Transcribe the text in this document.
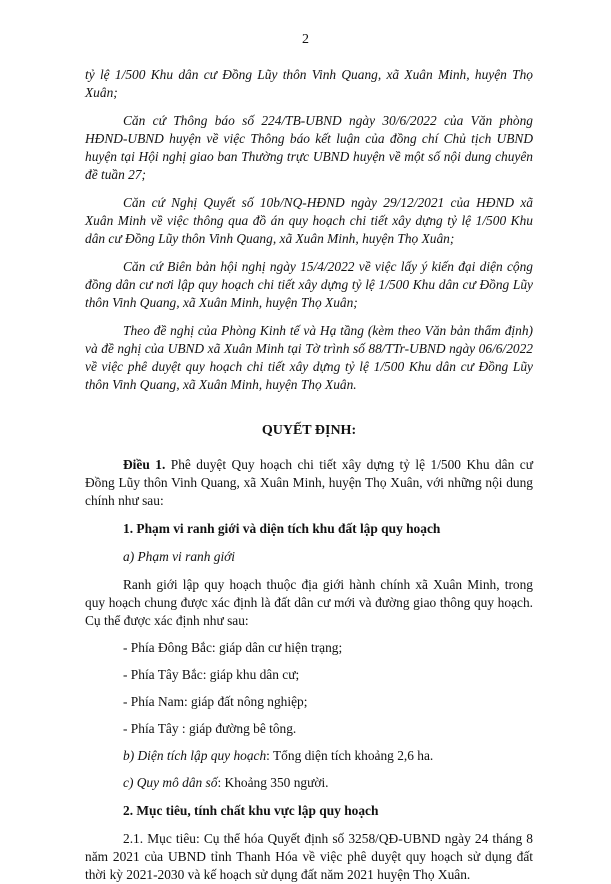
2

tỷ lệ 1/500 Khu dân cư Đồng Lũy thôn Vinh Quang, xã Xuân Minh, huyện Thọ Xuân;

Căn cứ Thông báo số 224/TB-UBND ngày 30/6/2022 của Văn phòng HĐND-UBND huyện về việc Thông báo kết luận của đồng chí Chủ tịch UBND huyện tại Hội nghị giao ban Thường trực UBND huyện về một số nội dung chuyên đề tuần 27;

Căn cứ Nghị Quyết số 10b/NQ-HĐND ngày 29/12/2021 của HĐND xã Xuân Minh về việc thông qua đồ án quy hoạch chi tiết xây dựng tỷ lệ 1/500 Khu dân cư Đồng Lũy thôn Vinh Quang, xã Xuân Minh, huyện Thọ Xuân;

Căn cứ Biên bản hội nghị ngày 15/4/2022 về việc lấy ý kiến đại diện cộng đồng dân cư nơi lập quy hoạch chi tiết xây dựng tỷ lệ 1/500 Khu dân cư Đồng Lũy thôn Vinh Quang, xã Xuân Minh, huyện Thọ Xuân;

Theo đề nghị của Phòng Kinh tế và Hạ tầng (kèm theo Văn bản thẩm định) và đề nghị của UBND xã Xuân Minh tại Tờ trình số 88/TTr-UBND ngày 06/6/2022 về việc phê duyệt quy hoạch chi tiết xây dựng tỷ lệ 1/500 Khu dân cư Đồng Lũy thôn Vinh Quang, xã Xuân Minh, huyện Thọ Xuân.

QUYẾT ĐỊNH:

Điều 1. Phê duyệt Quy hoạch chi tiết xây dựng tỷ lệ 1/500 Khu dân cư Đồng Lũy thôn Vinh Quang, xã Xuân Minh, huyện Thọ Xuân, với những nội dung chính như sau:

1. Phạm vi ranh giới và diện tích khu đất lập quy hoạch

a) Phạm vi ranh giới

Ranh giới lập quy hoạch thuộc địa giới hành chính xã Xuân Minh, trong quy hoạch chung được xác định là đất dân cư mới và đường giao thông quy hoạch. Cụ thể được xác định như sau:

- Phía Đông Bắc: giáp dân cư hiện trạng;

- Phía Tây Bắc: giáp khu dân cư;

- Phía Nam: giáp đất nông nghiệp;

- Phía Tây : giáp đường bê tông.

b) Diện tích lập quy hoạch: Tổng diện tích khoảng 2,6 ha.

c) Quy mô dân số: Khoảng 350 người.

2. Mục tiêu, tính chất khu vực lập quy hoạch

2.1. Mục tiêu: Cụ thể hóa Quyết định số 3258/QĐ-UBND ngày 24 tháng 8 năm 2021 của UBND tỉnh Thanh Hóa về việc phê duyệt quy hoạch sử dụng đất thời kỳ 2021-2030 và kế hoạch sử dụng đất năm 2021 huyện Thọ Xuân.
